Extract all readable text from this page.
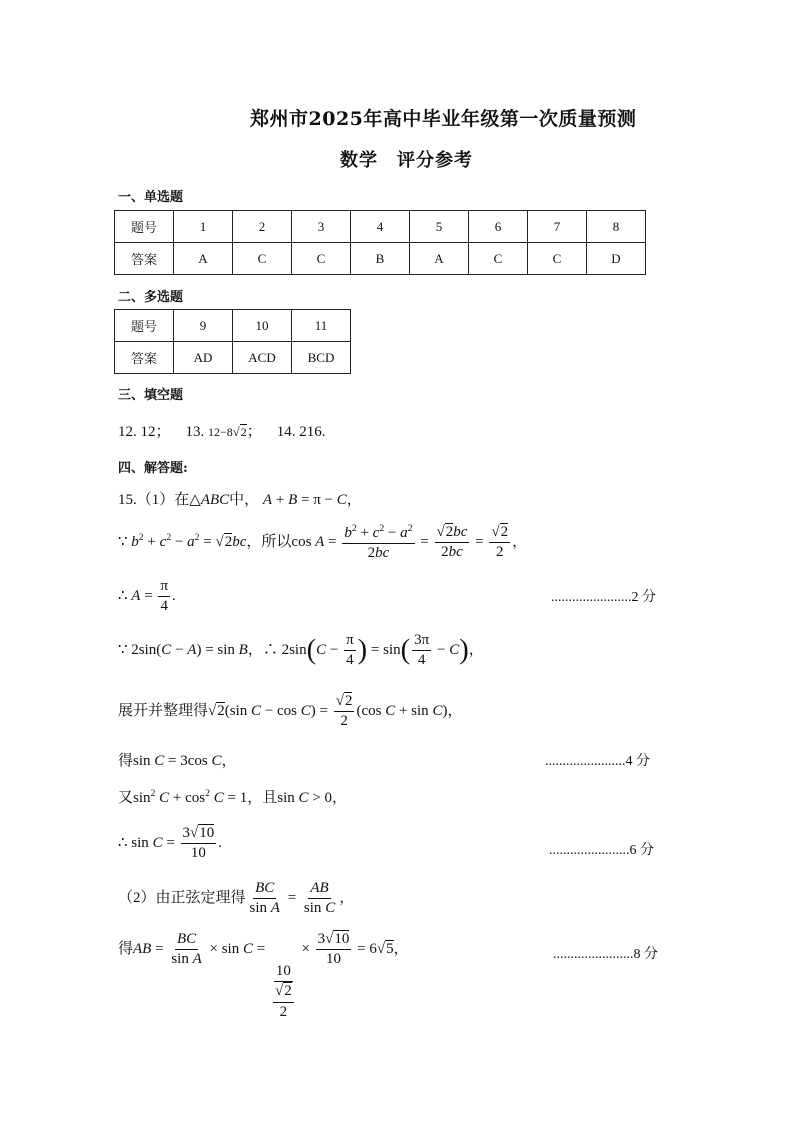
郑州市2025年高中毕业年级第一次质量预测
数学　评分参考
一、单选题
题号	1	2	3	4	5	6	7	8
答案	A	C	C	B	A	C	C	D
二、多选题
题号	9	10	11
答案	AD	ACD	BCD
三、填空题
12. 12； 13. 12−8√2； 14. 216.
四、解答题:
15.（1）在△ABC中， A + B = π − C，
∵ $b^2 + c^2 - a^2 = √2bc$，所以$\cos A = \frac{b^2 + c^2 - a^2}{2bc} = \frac{√2bc}{2bc} = \frac{√2}{2}$ ，
∴ $A = \frac{\pi}{4}$ .	.......................2 分
∵ 2sin(C − A) = sin B，∴ $2\sin(C - \frac{\pi}{4}$ ) = $\sin( \frac{3\pi}{4} - C)$，
展开并整理得√2(sin $C - \cos C) = \frac{√2}{2} (\cos$ C + sin C)，
得sin C = 3cos C，	.......................4 分
又$\sin^2 C + \cos^2 C = 1$，且sin C > 0，
∴ $\sin C = \frac{3√10}{10}$ .	.......................6 分
（2）由正弦定理得 $\frac{BC}{\text{sin A}} = \frac{AB}{\text{sin C}}$ ，
得AB = $\frac{BC}{\text{sin A}} \times \sin C$ =
$\frac{10}{\frac{√2}{2}}$
× $\frac{3√10}{10} = 6√5$，	.......................8 分
